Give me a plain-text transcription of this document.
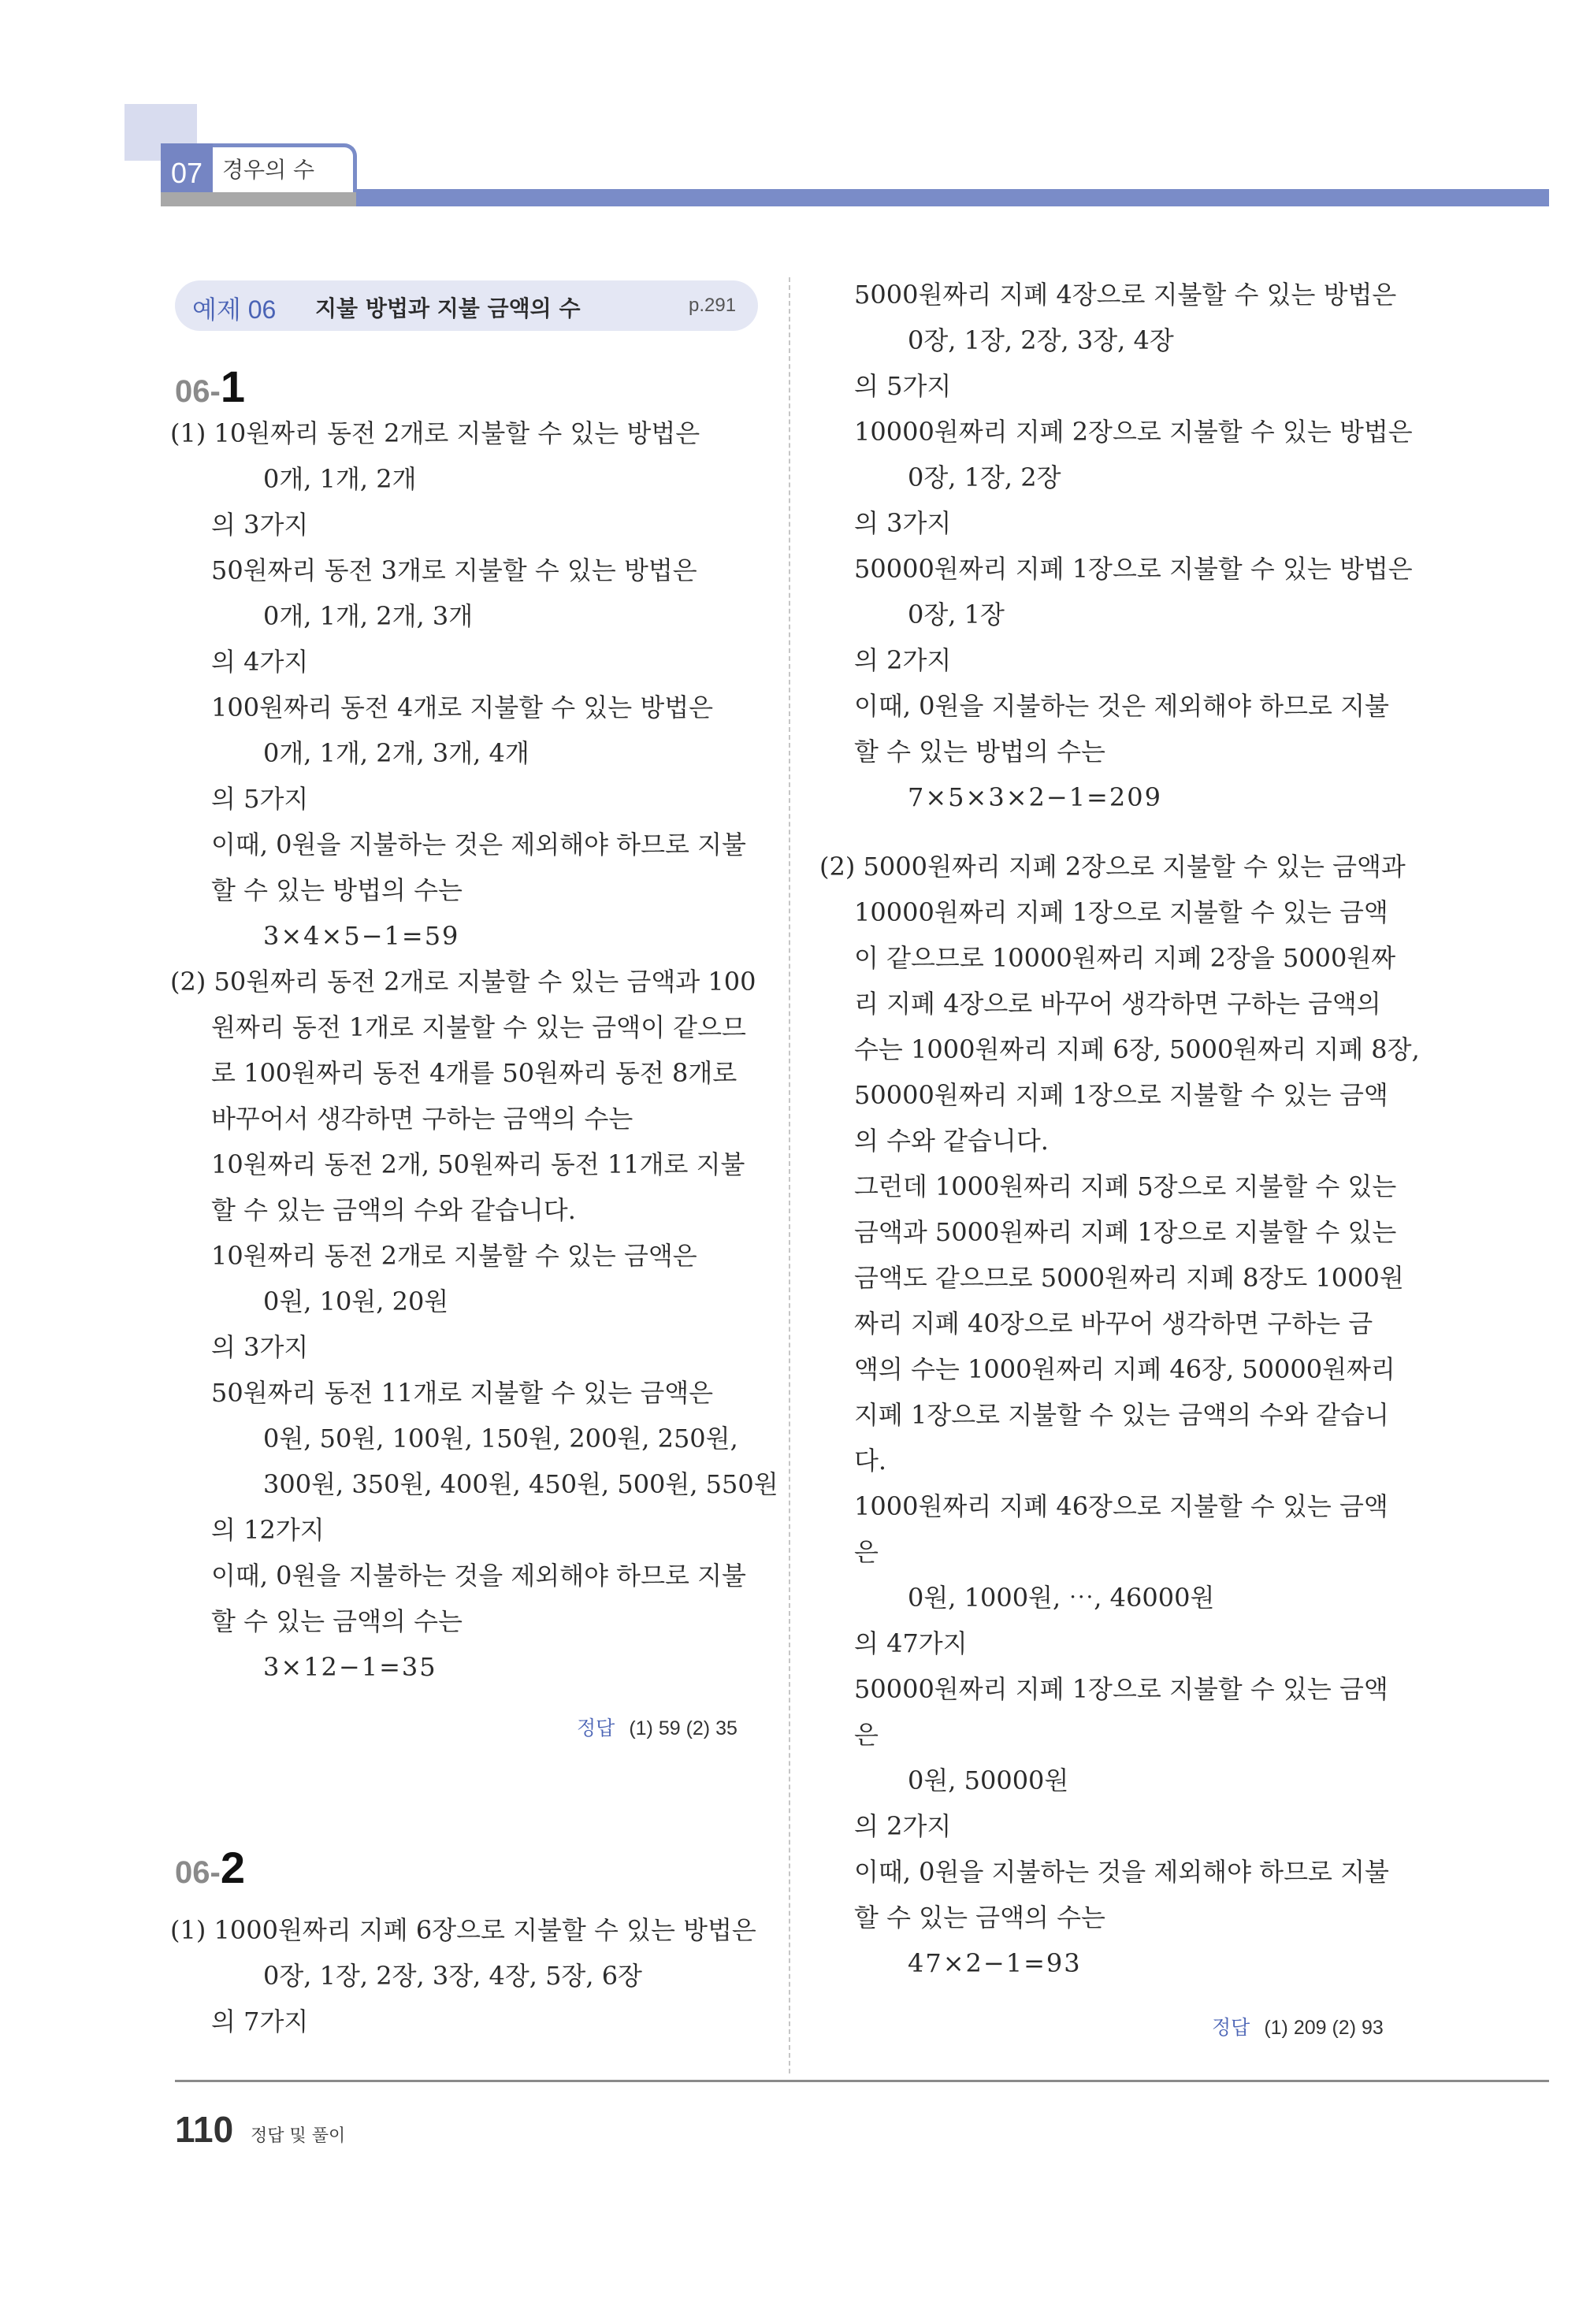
07 경우의 수
예제 06 지불 방법과 지불 금액의 수	p.291
06-1
(1) 10원짜리 동전 2개로 지불할 수 있는 방법은
0개, 1개, 2개
의 3가지
50원짜리 동전 3개로 지불할 수 있는 방법은
0개, 1개, 2개, 3개
의 4가지
100원짜리 동전 4개로 지불할 수 있는 방법은
0개, 1개, 2개, 3개, 4개
의 5가지
이때, 0원을 지불하는 것은 제외해야 하므로 지불
할 수 있는 방법의 수는
3×4×5−1=59
(2) 50원짜리 동전 2개로 지불할 수 있는 금액과 100
원짜리 동전 1개로 지불할 수 있는 금액이 같으므
로 100원짜리 동전 4개를 50원짜리 동전 8개로
바꾸어서 생각하면 구하는 금액의 수는
10원짜리 동전 2개, 50원짜리 동전 11개로 지불
할 수 있는 금액의 수와 같습니다.
10원짜리 동전 2개로 지불할 수 있는 금액은
0원, 10원, 20원
의 3가지
50원짜리 동전 11개로 지불할 수 있는 금액은
0원, 50원, 100원, 150원, 200원, 250원,
300원, 350원, 400원, 450원, 500원, 550원
의 12가지
이때, 0원을 지불하는 것을 제외해야 하므로 지불
할 수 있는 금액의 수는
3×12−1=35
정답 (1) 59 (2) 35
06-2
(1) 1000원짜리 지폐 6장으로 지불할 수 있는 방법은
0장, 1장, 2장, 3장, 4장, 5장, 6장
의 7가지
5000원짜리 지폐 4장으로 지불할 수 있는 방법은
0장, 1장, 2장, 3장, 4장
의 5가지
10000원짜리 지폐 2장으로 지불할 수 있는 방법은
0장, 1장, 2장
의 3가지
50000원짜리 지폐 1장으로 지불할 수 있는 방법은
0장, 1장
의 2가지
이때, 0원을 지불하는 것은 제외해야 하므로 지불
할 수 있는 방법의 수는
7×5×3×2−1=209
(2) 5000원짜리 지폐 2장으로 지불할 수 있는 금액과
10000원짜리 지폐 1장으로 지불할 수 있는 금액
이 같으므로 10000원짜리 지폐 2장을 5000원짜
리 지폐 4장으로 바꾸어 생각하면 구하는 금액의
수는 1000원짜리 지폐 6장, 5000원짜리 지폐 8장,
50000원짜리 지폐 1장으로 지불할 수 있는 금액
의 수와 같습니다.
그런데 1000원짜리 지폐 5장으로 지불할 수 있는
금액과 5000원짜리 지폐 1장으로 지불할 수 있는
금액도 같으므로 5000원짜리 지폐 8장도 1000원
짜리 지폐 40장으로 바꾸어 생각하면 구하는 금
액의 수는 1000원짜리 지폐 46장, 50000원짜리
지폐 1장으로 지불할 수 있는 금액의 수와 같습니
다.
1000원짜리 지폐 46장으로 지불할 수 있는 금액
은
0원, 1000원, ⋯, 46000원
의 47가지
50000원짜리 지폐 1장으로 지불할 수 있는 금액
은
0원, 50000원
의 2가지
이때, 0원을 지불하는 것을 제외해야 하므로 지불
할 수 있는 금액의 수는
47×2−1=93
정답 (1) 209 (2) 93
110 정답 및 풀이
